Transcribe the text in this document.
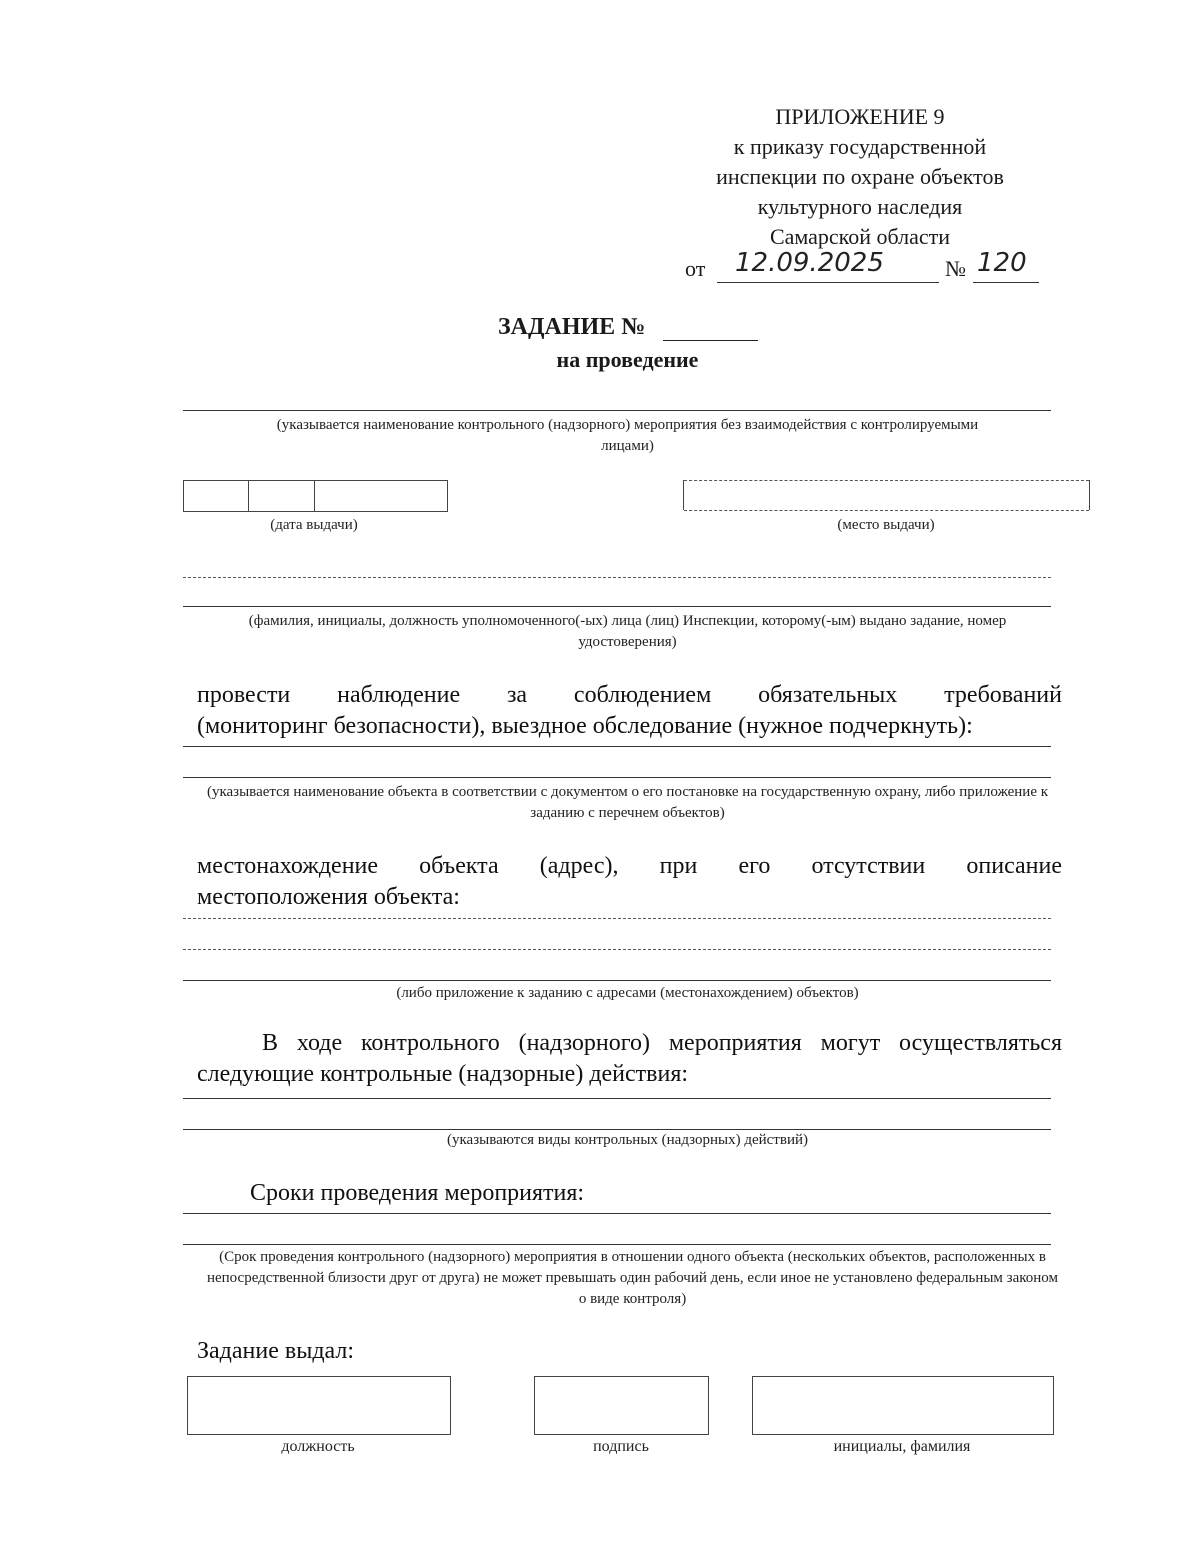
ПРИЛОЖЕНИЕ 9
к приказу государственной
инспекции по охране объектов
культурного наследия
Самарской области
от 12.09.2025	№ 120
ЗАДАНИЕ №
на проведение
(указывается наименование контрольного (надзорного) мероприятия без взаимодействия с контролируемыми лицами)
(дата выдачи)	(место выдачи)
(фамилия, инициалы, должность уполномоченного(-ых) лица (лиц) Инспекции, которому(-ым) выдано задание, номер удостоверения)
провести наблюдение за соблюдением обязательных требований
(мониторинг безопасности), выездное обследование (нужное подчеркнуть):
(указывается наименование объекта в соответствии с документом о его постановке на государственную охрану, либо приложение к заданию с перечнем объектов)
местонахождение объекта (адрес), при его отсутствии описание
местоположения объекта:
(либо приложение к заданию с адресами (местонахождением) объектов)
В ходе контрольного (надзорного) мероприятия могут осуществляться
следующие контрольные (надзорные) действия:
(указываются виды контрольных (надзорных) действий)
Сроки проведения мероприятия:
(Срок проведения контрольного (надзорного) мероприятия в отношении одного объекта (нескольких объектов, расположенных в непосредственной близости друг от друга) не может превышать один рабочий день, если иное не установлено федеральным законом о виде контроля)
Задание выдал:
должность	подпись	инициалы, фамилия
